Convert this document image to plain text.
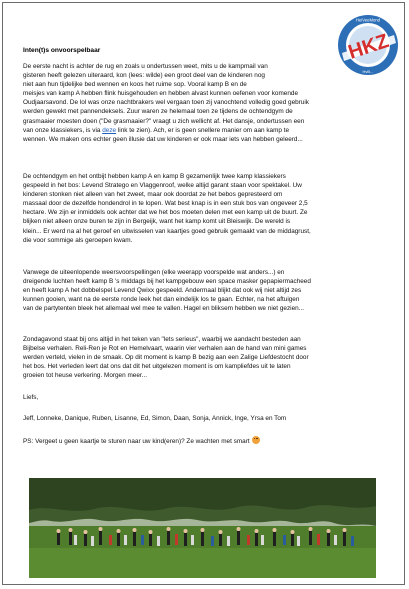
HKZ
HeiVeeMond
HvB...
Inten(t)s onvoorspelbaar

De eerste nacht is achter de rug en zoals u ondertussen weet, mits u de kampmail van
gisteren heeft gelezen uiteraard, kon (lees: wilde) een groot deel van de kinderen nog
niet aan hun tijdelijke bed wennen en koos het ruime sop. Vooral kamp B en de
meisjes van kamp A hebben flink huisgehouden en hebben alvast kunnen oefenen voor komende
Oudjaarsavond. De lol was onze nachtbrakers wel vergaan toen zij vanochtend volledig goed gebruik
werden gewekt met pannendeksels. Zuur waren ze helemaal toen ze tijdens de ochtendgym de
grasmaaier moesten doen ("De grasmaaier?" vraagt u zich wellicht af. Het dansje, ondertussen een
van onze klassiekers, is via deze link te zien). Ach, er is geen snellere manier om aan kamp te
wennen. We maken ons echter geen illusie dat uw kinderen er ook maar iets van hebben geleerd...

De ochtend​gym en het ontbijt hebben kamp A en kamp B gezamenlijk twee kamp klassiekers
gespeeld in het bos: Levend Stratego en Vlaggenroof, welke altijd garant staan voor spektakel. Uw
kinderen stonken niet alleen van het zweet, maar ook doordat ze het bebos gepresteerd om
massaal door de dezelfde hondendrol in te lopen. Wat best knap is in een stuk bos van ongeveer 2,5
hectare. We zijn er inmiddels ook achter dat we het bos moeten delen met een kamp uit de buurt. Ze
blijken niet alleen onze buren te zijn in Bergeijk, want het kamp komt uit Bleiswijk. De wereld is
klein... Er werd na al het geroef en uitwisselen van kaartjes goed gebruik gemaakt van de middagrust,
die voor sommige als geroepen kwam.

Vanwege de uiteenlopende weersvoorspellingen (elke weerapp voorspelde wat anders...) en
dreigende luchten heeft kamp B 's middags bij het kampgebouw een space masker gepapiermacheed
en heeft kamp A het dobbelspel Levend Qwixx gespeeld. Andermaal blijkt dat ook wij niet altijd zes
kunnen gooien, want na de eerste ronde leek het dan eindelijk los te gaan. Echter, na het aftuigen
van de partytenten bleek het allemaal wel mee te vallen. Hagel en bliksem hebben we niet gezien...

Zondagavond staat bij ons altijd in het teken van "lets serieus", waarbij we aandacht besteden aan
Bijbelse verhalen. Reli-Ren je Rot en Hemelvaart, waarin vier verhalen aan de hand van mini games
werden verteld, vielen in de smaak. Op dit moment is kamp B bezig aan een Zalige Liefdestocht door
het bos. Het verleden leert dat ons dat dit het uitgelezen moment is om kampliefdes uit te laten
groeien tot heuse verkering. Morgen meer...

Liefs,

Jeff, Lonneke, Danique, Ruben, Lisanne, Ed, Simon, Daan, Sonja, Annick, Inge, Yrsa en Tom

PS: Vergeet u geen kaartje te sturen naar uw kind(eren)? Ze wachten met smart
